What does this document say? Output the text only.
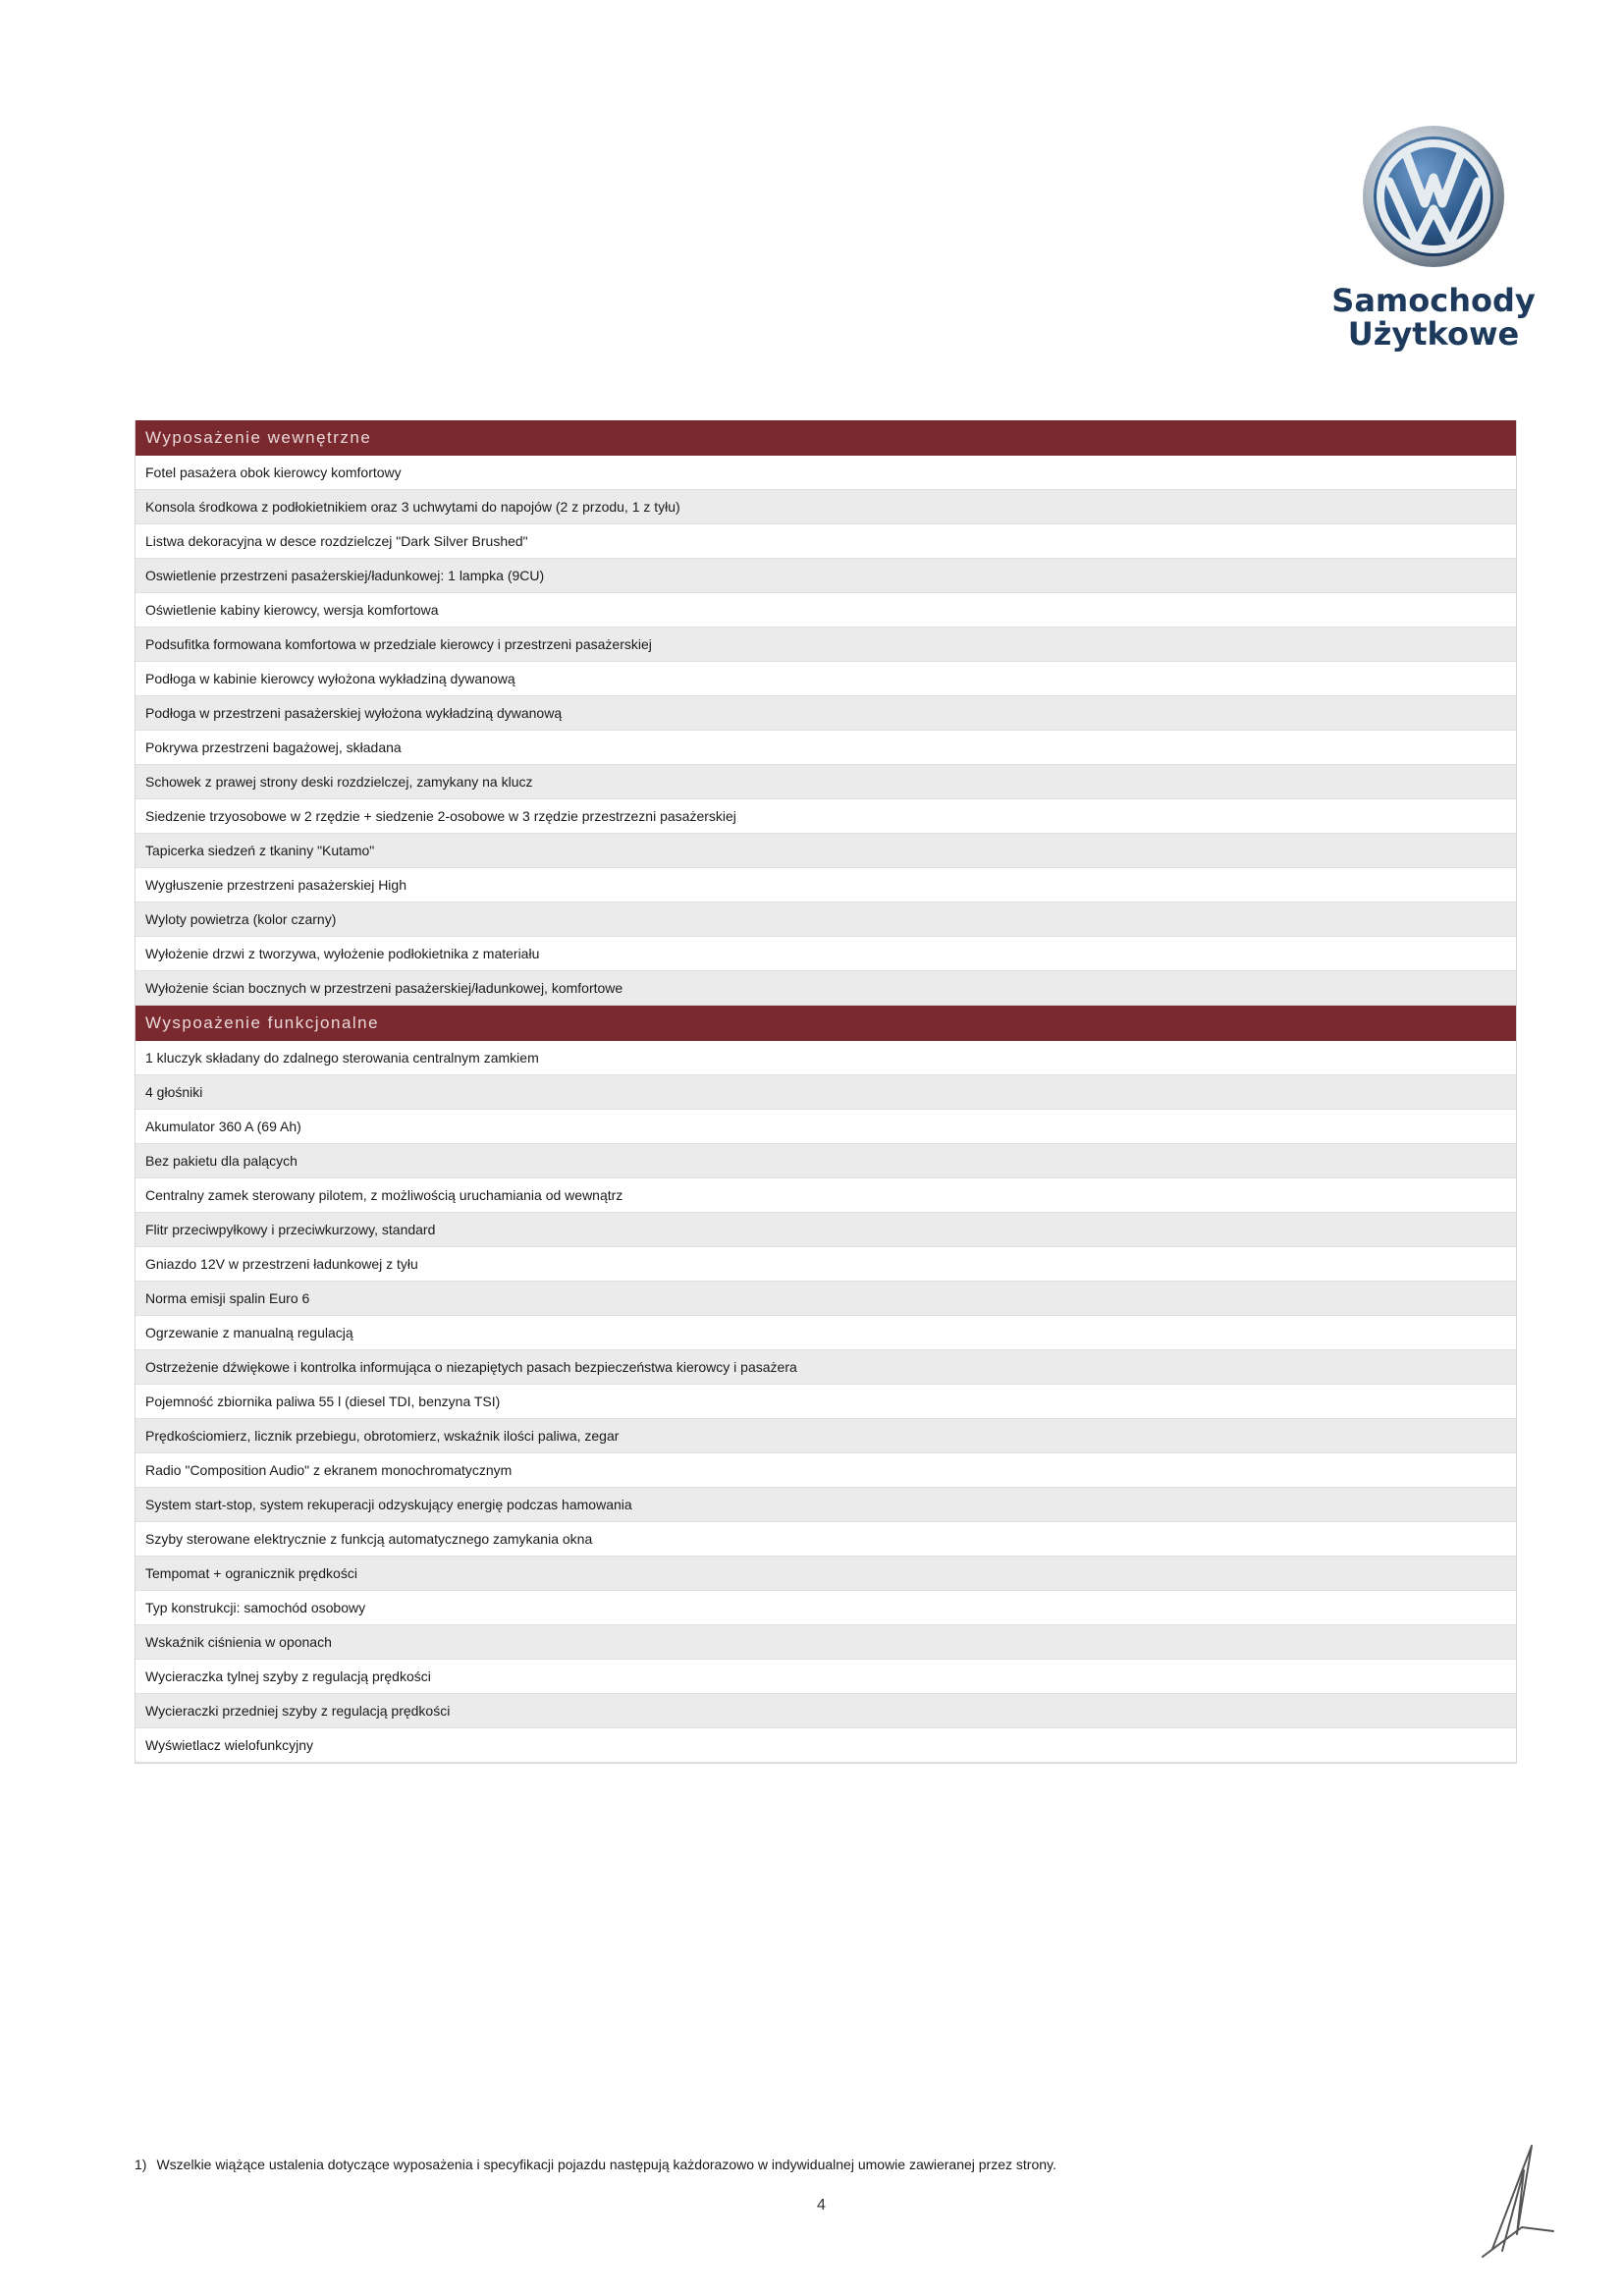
Samochody
Użytkowe
Wyposażenie wewnętrzne
Fotel pasażera obok kierowcy komfortowy
Konsola środkowa z podłokietnikiem oraz 3 uchwytami do napojów (2 z przodu, 1 z tyłu)
Listwa dekoracyjna w desce rozdzielczej "Dark Silver Brushed"
Oswietlenie przestrzeni pasażerskiej/ładunkowej: 1 lampka (9CU)
Oświetlenie kabiny kierowcy, wersja komfortowa
Podsufitka formowana komfortowa w przedziale kierowcy i przestrzeni pasażerskiej
Podłoga w kabinie kierowcy wyłożona wykładziną dywanową
Podłoga w przestrzeni pasażerskiej wyłożona wykładziną dywanową
Pokrywa przestrzeni bagażowej, składana
Schowek z prawej strony deski rozdzielczej, zamykany na klucz
Siedzenie trzyosobowe w 2 rzędzie + siedzenie 2-osobowe w 3 rzędzie przestrzezni pasażerskiej
Tapicerka siedzeń z tkaniny "Kutamo"
Wygłuszenie przestrzeni pasażerskiej High
Wyloty powietrza (kolor czarny)
Wyłożenie drzwi z tworzywa, wyłożenie podłokietnika z materiału
Wyłożenie ścian bocznych w przestrzeni pasażerskiej/ładunkowej, komfortowe
Wyspoażenie funkcjonalne
1 kluczyk składany do zdalnego sterowania centralnym zamkiem
4 głośniki
Akumulator 360 A (69 Ah)
Bez pakietu dla palących
Centralny zamek sterowany pilotem, z możliwością uruchamiania od wewnątrz
Flitr przeciwpyłkowy i przeciwkurzowy, standard
Gniazdo 12V w przestrzeni ładunkowej z tyłu
Norma emisji spalin Euro 6
Ogrzewanie z manualną regulacją
Ostrzeżenie dźwiękowe i kontrolka informująca o niezapiętych pasach bezpieczeństwa kierowcy i pasażera
Pojemność zbiornika paliwa 55 l (diesel TDI, benzyna TSI)
Prędkościomierz, licznik przebiegu, obrotomierz, wskaźnik ilości paliwa, zegar
Radio "Composition Audio" z ekranem monochromatycznym
System start-stop, system rekuperacji odzyskujący energię podczas hamowania
Szyby sterowane elektrycznie z funkcją automatycznego zamykania okna
Tempomat + ogranicznik prędkości
Typ konstrukcji: samochód osobowy
Wskaźnik ciśnienia w oponach
Wycieraczka tylnej szyby z regulacją prędkości
Wycieraczki przedniej szyby z regulacją prędkości
Wyświetlacz wielofunkcyjny
1) Wszelkie wiążące ustalenia dotyczące wyposażenia i specyfikacji pojazdu następują każdorazowo w indywidualnej umowie zawieranej przez strony.
4
